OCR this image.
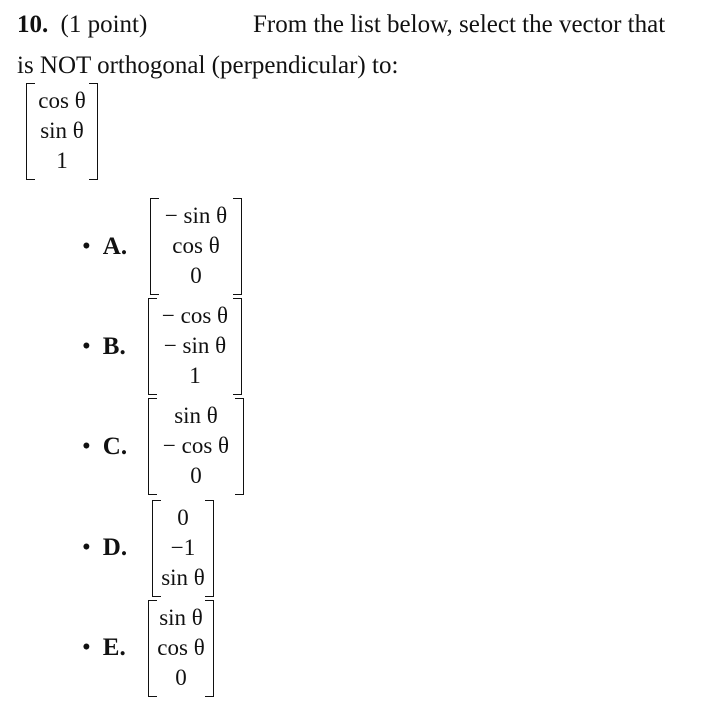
10. (1 point)	From the list below, select the vector that
is NOT orthogonal (perpendicular) to:
cos θ
sin θ
1
• A.
− sin θ
cos θ
0
• B.
− cos θ
− sin θ
1
• C.
sin θ
− cos θ
0
• D.
0
−1
sin θ
• E.
sin θ
cos θ
0
